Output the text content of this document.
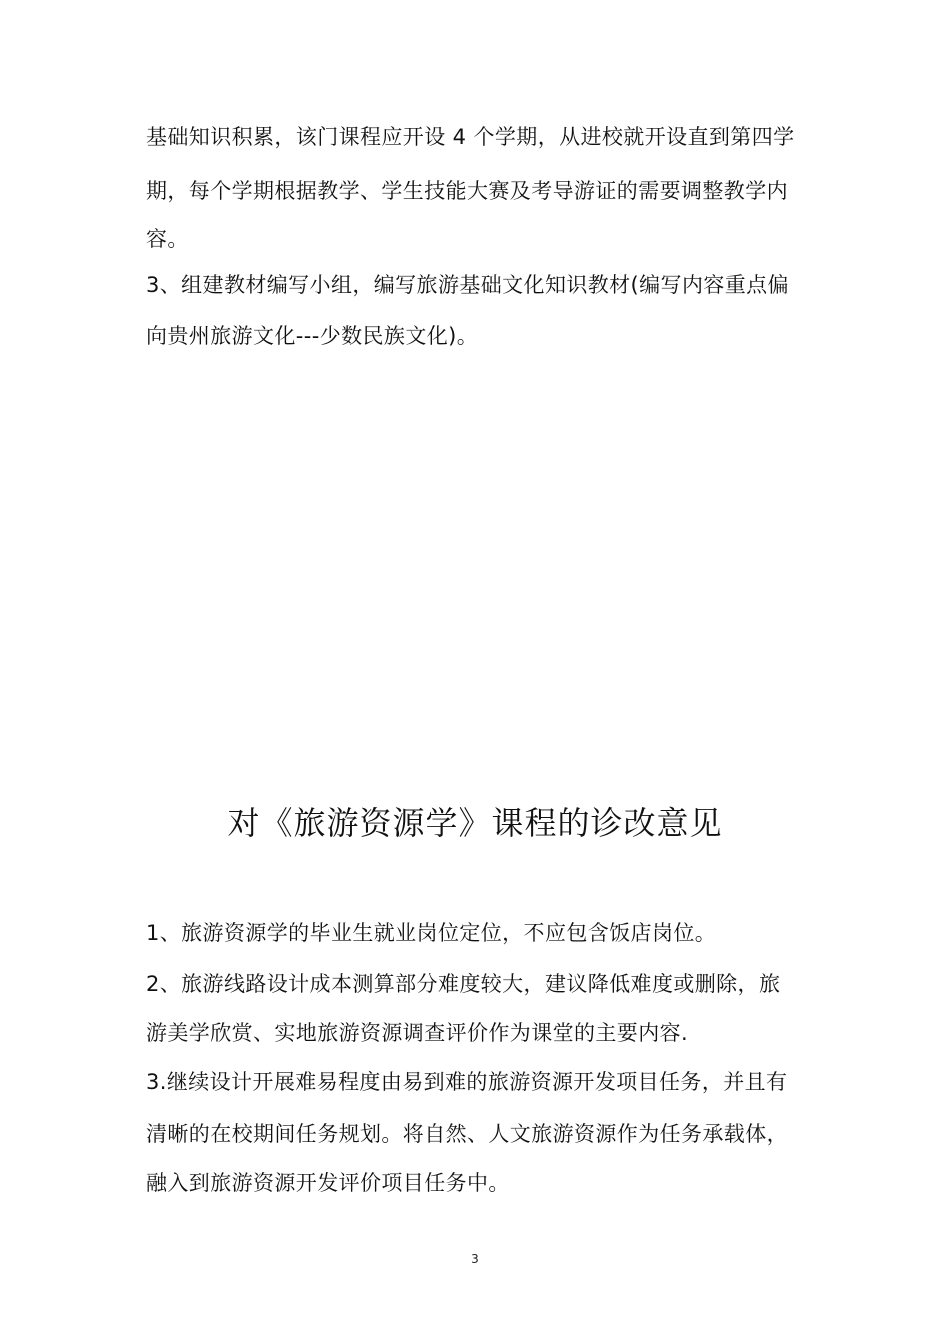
基础知识积累，该门课程应开设 4 个学期，从进校就开设直到第四学
期，每个学期根据教学、学生技能大赛及考导游证的需要调整教学内
容。
3、组建教材编写小组，编写旅游基础文化知识教材(编写内容重点偏
向贵州旅游文化---少数民族文化)。
对《旅游资源学》课程的诊改意见
1、旅游资源学的毕业生就业岗位定位，不应包含饭店岗位。
2、旅游线路设计成本测算部分难度较大，建议降低难度或删除，旅
游美学欣赏、实地旅游资源调查评价作为课堂的主要内容.
3.继续设计开展难易程度由易到难的旅游资源开发项目任务，并且有
清晰的在校期间任务规划。将自然、人文旅游资源作为任务承载体，
融入到旅游资源开发评价项目任务中。
3
